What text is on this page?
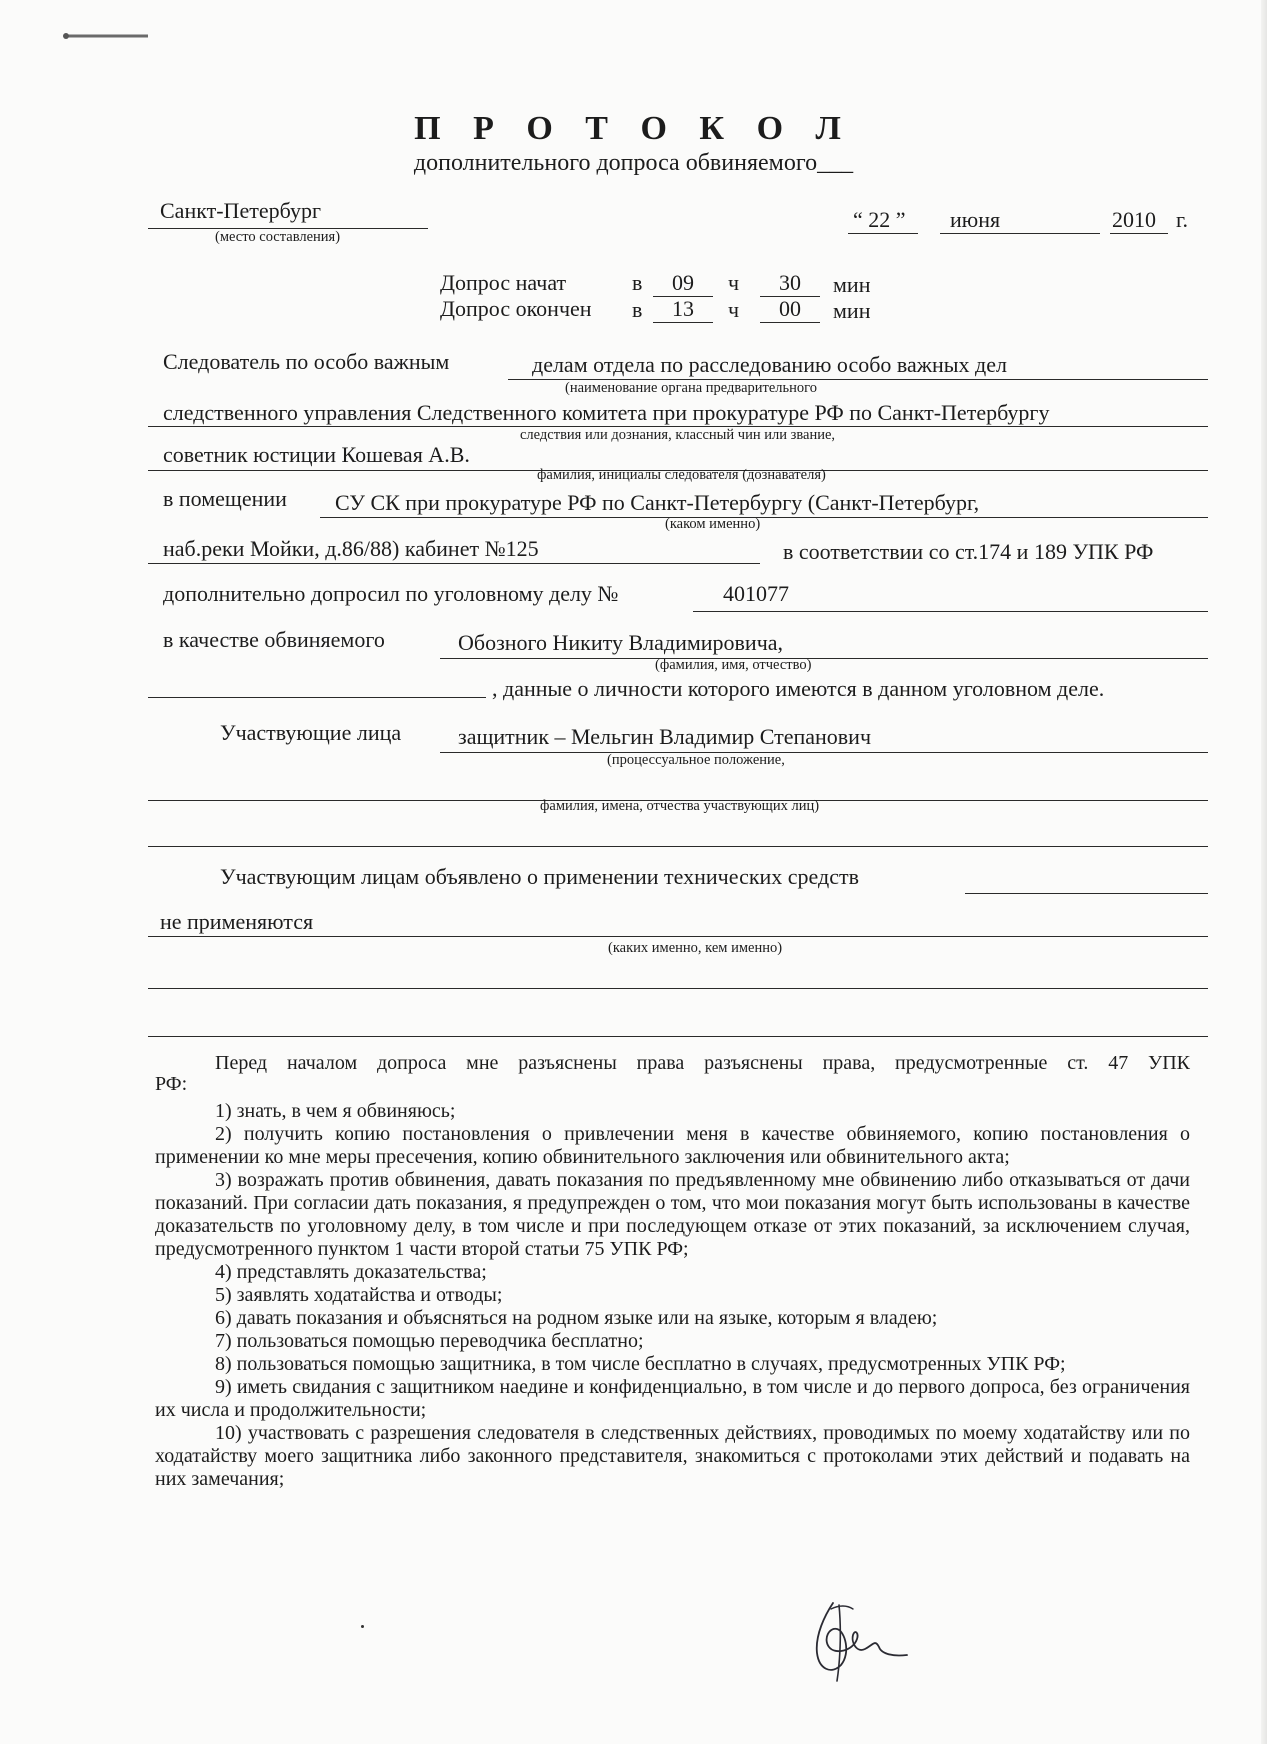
П Р О Т О К О Л
дополнительного допроса обвиняемого___
Санкт-Петербург
(место составления)
“ 22 ” июня	2010 г.
Допрос начат	в	09	ч	30	мин
Допрос окончен в	13	ч	00	мин
Следователь по особо важным	делам отдела по расследованию особо важных дел
(наименование органа предварительного
следственного управления Следственного комитета при прокуратуре РФ по Санкт-Петербургу
следствия или дознания, классный чин или звание,
советник юстиции Кошевая А.В.
фамилия, инициалы следователя (дознавателя)
в помещении СУ СК при прокуратуре РФ по Санкт-Петербургу (Санкт-Петербург,
(каком именно)
наб.реки Мойки, д.86/88) кабинет №125	в соответствии со ст.174 и 189 УПК РФ
дополнительно допросил по уголовному делу №	401077
в качестве обвиняемого	Обозного Никиту Владимировича,
(фамилия, имя, отчество)
, данные о личности которого имеются в данном уголовном деле.
Участвующие лица	защитник – Мельгин Владимир Степанович
(процессуальное положение,
фамилия, имена, отчества участвующих лиц)
Участвующим лицам объявлено о применении технических средств
не применяются
(каких именно, кем именно)

Перед началом допроса мне разъяснены права разъяснены права, предусмотренные ст. 47 УПК

РФ:

1) знать, в чем я обвиняюсь;

2) получить копию постановления о привлечении меня в качестве обвиняемого, копию постановления о применении ко мне меры пресечения, копию обвинительного заключения или обвинительного акта;

3) возражать против обвинения, давать показания по предъявленному мне обвинению либо отказываться от дачи показаний. При согласии дать показания, я предупрежден о том, что мои показания могут быть использованы в качестве доказательств по уголовному делу, в том числе и при последующем отказе от этих показаний, за исключением случая, предусмотренного пунктом 1 части второй статьи 75 УПК РФ;

4) представлять доказательства;

5) заявлять ходатайства и отводы;

6) давать показания и объясняться на родном языке или на языке, которым я владею;

7) пользоваться помощью переводчика бесплатно;

8) пользоваться помощью защитника, в том числе бесплатно в случаях, предусмотренных УПК РФ;

9) иметь свидания с защитником наедине и конфиденциально, в том числе и до первого допроса, без ограничения их числа и продолжительности;

10) участвовать с разрешения следователя в следственных действиях, проводимых по моему ходатайству или по ходатайству моего защитника либо законного представителя, знакомиться с протоколами этих действий и подавать на них замечания;
